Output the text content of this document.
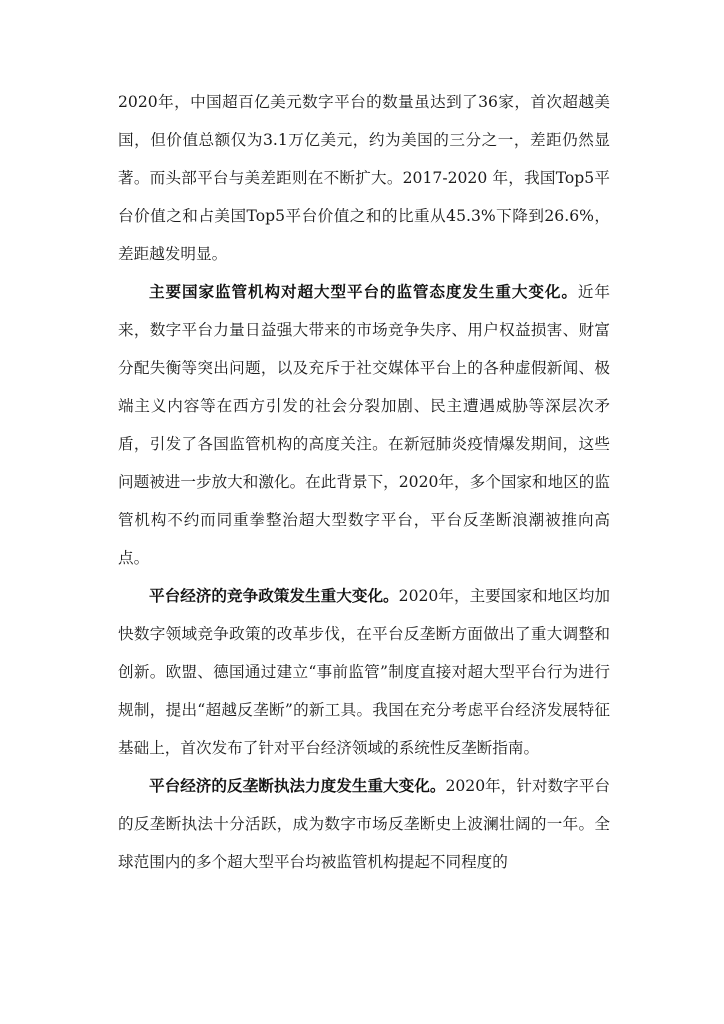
2020年，中国超百亿美元数字平台的数量虽达到了36家，首次超越美国，但价值总额仅为3.1万亿美元，约为美国的三分之一，差距仍然显著。而头部平台与美差距则在不断扩大。2017-2020 年，我国Top5平台价值之和占美国Top5平台价值之和的比重从45.3%下降到26.6%，差距越发明显。

主要国家监管机构对超大型平台的监管态度发生重大变化。近年来，数字平台力量日益强大带来的市场竞争失序、用户权益损害、财富分配失衡等突出问题，以及充斥于社交媒体平台上的各种虚假新闻、极端主义内容等在西方引发的社会分裂加剧、民主遭遇威胁等深层次矛盾，引发了各国监管机构的高度关注。在新冠肺炎疫情爆发期间，这些问题被进一步放大和激化。在此背景下，2020年，多个国家和地区的监管机构不约而同重拳整治超大型数字平台，平台反垄断浪潮被推向高点。

平台经济的竞争政策发生重大变化。2020年，主要国家和地区均加快数字领域竞争政策的改革步伐，在平台反垄断方面做出了重大调整和创新。欧盟、德国通过建立“事前监管”制度直接对超大型平台行为进行规制，提出“超越反垄断”的新工具。我国在充分考虑平台经济发展特征基础上，首次发布了针对平台经济领域的系统性反垄断指南。

平台经济的反垄断执法力度发生重大变化。2020年，针对数字平台的反垄断执法十分活跃，成为数字市场反垄断史上波澜壮阔的一年。全球范围内的多个超大型平台均被监管机构提起不同程度的
